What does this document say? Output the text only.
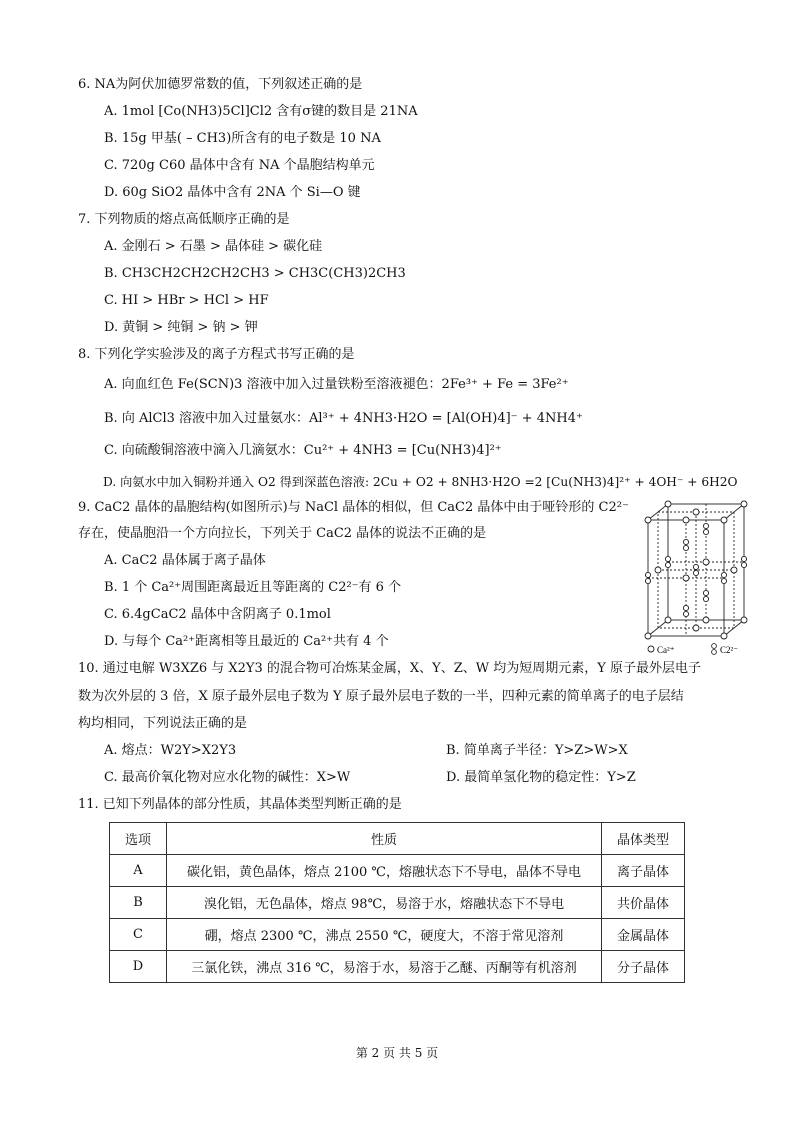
6. NA为阿伏加德罗常数的值，下列叙述正确的是
A. 1mol [Co(NH3)5Cl]Cl2 含有σ键的数目是 21NA
B. 15g 甲基( – CH3)所含有的电子数是 10 NA
C. 720g C60 晶体中含有 NA 个晶胞结构单元
D. 60g SiO2 晶体中含有 2NA 个 Si—O 键
7. 下列物质的熔点高低顺序正确的是
A. 金刚石 > 石墨 > 晶体硅 > 碳化硅
B. CH3CH2CH2CH2CH3 > CH3C(CH3)2CH3
C. HI > HBr > HCl > HF
D. 黄铜 > 纯铜 > 钠 > 钾
8. 下列化学实验涉及的离子方程式书写正确的是
A. 向血红色 Fe(SCN)3 溶液中加入过量铁粉至溶液褪色：2Fe³⁺ + Fe = 3Fe²⁺
B. 向 AlCl3 溶液中加入过量氨水：Al³⁺ + 4NH3·H2O = [Al(OH)4]⁻ + 4NH4⁺
C. 向硫酸铜溶液中滴入几滴氨水：Cu²⁺ + 4NH3 = [Cu(NH3)4]²⁺
D. 向氨水中加入铜粉并通入 O2 得到深蓝色溶液: 2Cu + O2 + 8NH3·H2O =2 [Cu(NH3)4]²⁺ + 4OH⁻ + 6H2O
9. CaC2 晶体的晶胞结构(如图所示)与 NaCl 晶体的相似，但 CaC2 晶体中由于哑铃形的 C2²⁻
存在，使晶胞沿一个方向拉长，下列关于 CaC2 晶体的说法不正确的是
A. CaC2 晶体属于离子晶体
B. 1 个 Ca²⁺周围距离最近且等距离的 C2²⁻有 6 个
C. 6.4gCaC2 晶体中含阴离子 0.1mol
D. 与每个 Ca²⁺距离相等且最近的 Ca²⁺共有 4 个
Ca²⁺	C2²⁻
10. 通过电解 W3XZ6 与 X2Y3 的混合物可冶炼某金属，X、Y、Z、W 均为短周期元素，Y 原子最外层电子
数为次外层的 3 倍，X 原子最外层电子数为 Y 原子最外层电子数的一半，四种元素的简单离子的电子层结
构均相同，下列说法正确的是
A. 熔点：W2Y>X2Y3	B. 简单离子半径：Y>Z>W>X
C. 最高价氧化物对应水化物的碱性：X>W	D. 最简单氢化物的稳定性：Y>Z
11. 已知下列晶体的部分性质，其晶体类型判断正确的是
选项	性质	晶体类型
A	碳化铝，黄色晶体，熔点 2100 ℃，熔融状态下不导电，晶体不导电	离子晶体
B	溴化铝，无色晶体，熔点 98℃，易溶于水，熔融状态下不导电	共价晶体
C	硼，熔点 2300 ℃，沸点 2550 ℃，硬度大，不溶于常见溶剂	金属晶体
D	三氯化铁，沸点 316 ℃，易溶于水，易溶于乙醚、丙酮等有机溶剂	分子晶体
第 2 页 共 5 页
